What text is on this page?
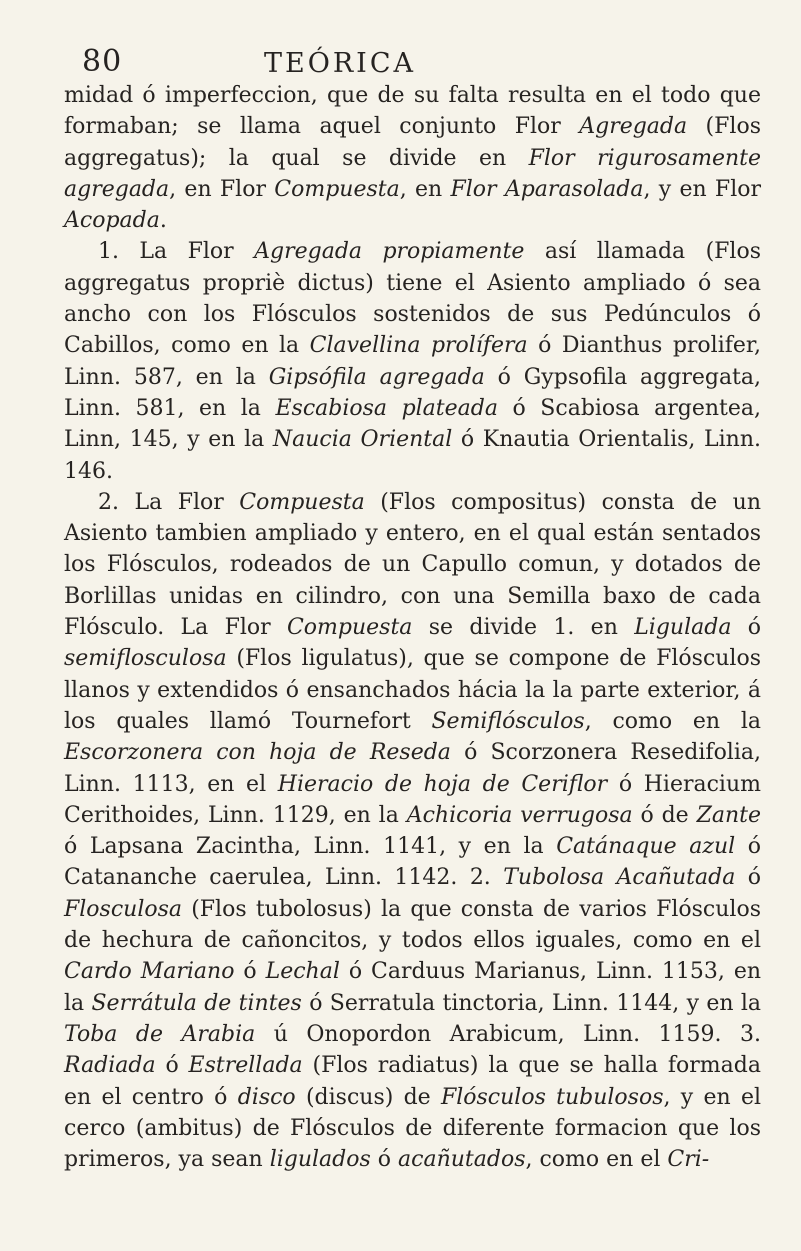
80	TEÓRICA

midad ó imperfeccion, que de su falta resulta en el todo que formaban; se llama aquel conjunto Flor Agregada (Flos aggregatus); la qual se divide en Flor rigurosamente agregada, en Flor Compuesta, en Flor Aparasolada, y en Flor Acopada.

1. La Flor Agregada propiamente así llamada (Flos aggregatus propriè dictus) tiene el Asiento ampliado ó sea ancho con los Flósculos sostenidos de sus Pedúnculos ó Cabillos, como en la Clavellina prolífera ó Dianthus prolifer, Linn. 587, en la Gipsófila agregada ó Gypsofila aggregata, Linn. 581, en la Escabiosa plateada ó Scabiosa argentea, Linn, 145, y en la Naucia Oriental ó Knautia Orientalis, Linn. 146.

2. La Flor Compuesta (Flos compositus) consta de un Asiento tambien ampliado y entero, en el qual están sentados los Flósculos, rodeados de un Capullo comun, y dotados de Borlillas unidas en cilindro, con una Semilla baxo de cada Flósculo. La Flor Compuesta se divide 1. en Ligulada ó semiflosculosa (Flos ligulatus), que se compone de Flósculos llanos y extendidos ó ensanchados hácia la la parte exterior, á los quales llamó Tournefort Semiflósculos, como en la Escorzonera con hoja de Reseda ó Scorzonera Resedifolia, Linn. 1113, en el Hieracio de hoja de Ceriflor ó Hieracium Cerithoides, Linn. 1129, en la Achicoria verrugosa ó de Zante ó Lapsana Zacintha, Linn. 1141, y en la Catánaque azul ó Catananche caerulea, Linn. 1142. 2. Tubolosa Acañutada ó Flosculosa (Flos tubolosus) la que consta de varios Flósculos de hechura de cañoncitos, y todos ellos iguales, como en el Cardo Mariano ó Lechal ó Carduus Marianus, Linn. 1153, en la Serrátula de tintes ó Serratula tinctoria, Linn. 1144, y en la Toba de Arabia ú Onopordon Arabicum, Linn. 1159. 3. Radiada ó Estrellada (Flos radiatus) la que se halla formada en el centro ó disco (discus) de Flósculos tubulosos, y en el cerco (ambitus) de Flósculos de diferente formacion que los primeros, ya sean ligulados ó acañutados, como en el Cri-
